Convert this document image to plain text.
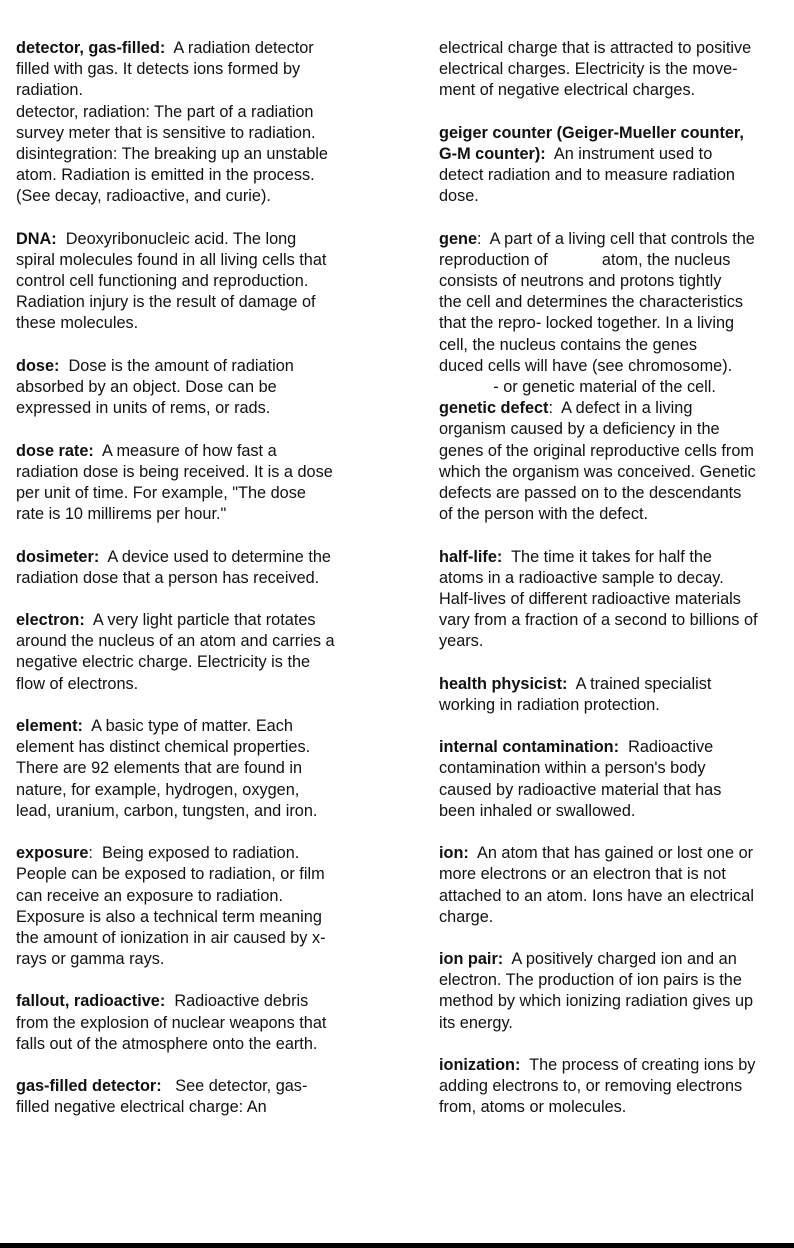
detector, gas-filled:  A radiation detector
filled with gas. It detects ions formed by
radiation.
detector, radiation: The part of a radiation
survey meter that is sensitive to radiation.
disintegration: The breaking up an unstable
atom. Radiation is emitted in the process.
(See decay, radioactive, and curie).
DNA:  Deoxyribonucleic acid. The long
spiral molecules found in all living cells that
control cell functioning and reproduction.
Radiation injury is the result of damage of
these molecules.
dose:  Dose is the amount of radiation
absorbed by an object. Dose can be
expressed in units of rems, or rads.
dose rate:  A measure of how fast a
radiation dose is being received. It is a dose
per unit of time. For example, "The dose
rate is 10 millirems per hour."
dosimeter:  A device used to determine the
radiation dose that a person has received.
electron:  A very light particle that rotates
around the nucleus of an atom and carries a
negative electric charge. Electricity is the
flow of electrons.
element:  A basic type of matter. Each
element has distinct chemical properties.
There are 92 elements that are found in
nature, for example, hydrogen, oxygen,
lead, uranium, carbon, tungsten, and iron.
exposure:  Being exposed to radiation.
People can be exposed to radiation, or film
can receive an exposure to radiation.
Exposure is also a technical term meaning
the amount of ionization in air caused by x-
rays or gamma rays.
fallout, radioactive:  Radioactive debris
from the explosion of nuclear weapons that
falls out of the atmosphere onto the earth.
gas-filled detector:   See detector, gas-
filled negative electrical charge: An
electrical charge that is attracted to positive
electrical charges. Electricity is the move-
ment of negative electrical charges.
geiger counter (Geiger-Mueller counter,
G-M counter):  An instrument used to
detect radiation and to measure radiation
dose.
gene:  A part of a living cell that controls the
reproduction of            atom, the nucleus
consists of neutrons and protons tightly
the cell and determines the characteristics
that the repro- locked together. In a living
cell, the nucleus contains the genes
duced cells will have (see chromosome).
- or genetic material of the cell.
genetic defect:  A defect in a living
organism caused by a deficiency in the
genes of the original reproductive cells from
which the organism was conceived. Genetic
defects are passed on to the descendants
of the person with the defect.
half-life:  The time it takes for half the
atoms in a radioactive sample to decay.
Half-lives of different radioactive materials
vary from a fraction of a second to billions of
years.
health physicist:  A trained specialist
working in radiation protection.
internal contamination:  Radioactive
contamination within a person's body
caused by radioactive material that has
been inhaled or swallowed.
ion:  An atom that has gained or lost one or
more electrons or an electron that is not
attached to an atom. Ions have an electrical
charge.
ion pair:  A positively charged ion and an
electron. The production of ion pairs is the
method by which ionizing radiation gives up
its energy.
ionization:  The process of creating ions by
adding electrons to, or removing electrons
from, atoms or molecules.
